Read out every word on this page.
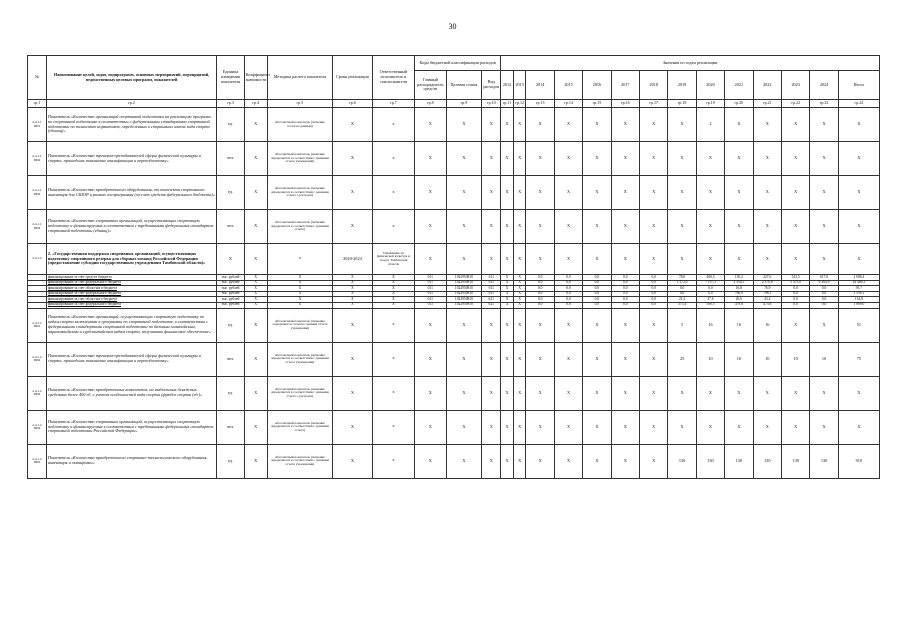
30
№	Наименование целей, задач, подпрограмм, основных мероприятий, мероприятий, ведомственных целевых программ, показателей	Единица измерения показателя	Коэффициент значимости	Методика расчета показателя	Сроки реализации	Ответственный исполнитель и соисполнители	Коды бюджетной классификации расходов			Значения по годам реализации													
							Главный распорядитель средств	Целевая статья	Вид расходов	2012	2013	2014	2015	2016	2017	2018	2019	2020	2021	2022	2023	2024	Итого
гр.1	гр.2	гр.3	гр.4	гр.5	гр.6	гр.7	гр.8	гр.9	гр.10	гр.11	гр.12	гр.13	гр.14	гр.15	гр.16	гр.17	гр.18	гр.19	гр.20	гр.21	гр.22	гр.23	гр.24
2.4.1.1 ПИ1	Показатель «Количество организаций спортивной подготовки на реализацию программ по спортивной подготовке в соответствии с федеральными стандартами спортивной подготовки по полностью нормативов, определенных в спортивных актах вида спорта (единиц)»	ед.	X	Абсолютный показатель (значение согласно данным)	X	X	X	X	X	X	X	X	X	X	X	X	X	2	X	X	X	X	X
2.4.1.1 ПИ2	Показатель «Количество тренеров-преподавателей сферы физической культуры и спорта, прошедших повышение квалификации и переподготовку»	чел.	X	Абсолютный показатель (значение определяется в соответствии с данными отчета учреждения)	X	X	X	X	X	X	X	X	X	X	X	X	X	X	X	X	X	X	X
2.4.1.1 ПИ3	Показатель «Количество приобретенного оборудования, от комплекта спортивного инвентаря для СШОР в рамках госпрограммы (за счет средств федерального бюджета)»	ед.	X	Абсолютный показатель (значение определяется в соответствии с данными отчета о расходах)	X	X	X	X	X	X	X	X	X	X	X	X	X	X	X	X	X	X	X
2.4.1.1 ПИ4	Показатель «Количество спортивных организаций, осуществляющих спортивную подготовку и финансируемых в соответствии с требованиями федеральных стандартов спортивной подготовки (единиц)»	чел.	X	Абсолютный показатель (значение определяется в соответствии с данными отчета)	X	X	X	X	X	X	X	X	X	X	X	X	X	X	X	X	X	X	X
2.4.1.2	2. «Государственная поддержка спортивных организаций, осуществляющих подготовку спортивного резерва для сборных команд Российской Федерации (предоставление субсидии государственным учреждениям Тамбовской области)»	X	X	X	2020-2024	Управление по физической культуре и спорту Тамбовской области	X	X	X	X	X	X	X	X	X	X	X	X	X	X	X	X	X
	финансирование за счет средств бюджета	тыс. рублей	X	X	X	X	011	1022950810	611	X	X	0,0	0,0	0,0	0,0	0,0	78,0	400,5	150,2	227,6	523,5	617,8	2 088,4
	финансирование за счет федерального бюджета	тыс. рублей	X	X	X	X	011	1022950810	611	X	X	0,0	0,0	0,0	0,0	0,0	1 272,0	7 197,3	2 354,5	2 370,8	5 375,0	6 264,9	24 466,3
	финансирование за счет областного бюджета	тыс. рублей	X	X	X	X	011	1022950810	611	X	X	0,0	0,0	0,0	0,0	0,0	0,0	0,0	16,8	76,9	0,0	0,0	93,7
	финансирование за счет федерального бюджета	тыс. рублей	X	X	X	X	011	1022950810	611	X	X	0,0	0,0	0,0	0,0	0,0	0,0	0,0	760,0	798,1	0,0	0,0	1 558,1
	финансирование за счет областного бюджета	тыс. рублей	X	X	X	X	011	1022950810	621	X	X	0,0	0,0	0,0	0,0	0,0	21,4	37,6	20,6	43,2	0,0	0,0	134,8
	финансирование за счет федерального бюджета	тыс. рублей	X	X	X	X	011	1022950810	621	X	X	0,0	0,0	0,0	0,0	0,0	375,4	580,5	479,6	473,6	0,0	0,0	1 889,0
2.4.1.2 ПИ1	Показатель «Количество организаций, осуществляющих спортивную подготовку по видам спорта включенным в программы по спортивной подготовке, в соответствии с федеральными стандартами спортивной подготовки по базовым олимпийским, паралимпийским и сурдлимпийским видам спорта, получивших финансовое обеспечение»	ед.	X	Абсолютный показатель (значение определяется согласно данным отчета учреждения)	X	X	X	X	X	X	X	X	X	X	X	X	5	16	16	16	X	X	51
2.4.1.2 ПИ2	Показатель «Количество тренеров-преподавателей сферы физической культуры и спорта, прошедших повышение квалификации и переподготовку»	чел.	X	Абсолютный показатель (значение определяется в соответствии с данными отчета учреждения)	X	X	X	X	X	X	X	X	X	X	X	X	25	10	10	10	10	10	75
2.4.1.2 ПИ3	Показатель «Количество приобретенных комплектов, на выделенных денежных средствах более 400 ед. с учетом особенностей вида спорта (футбол спорта (ед.)»	ед.	X	Абсолютный показатель (значение определяется в соответствии с данными отчета о расходах)	X	X	X	X	X	X	X	X	X	X	X	X	X	X	X	X	X	X	X
2.4.1.2 ПИ4	Показатель «Количество спортивных организаций, осуществляющих спортивную подготовку и финансируемых в соответствии с требованиями федеральных стандартов спортивной подготовки Российской Федерации»	чел.	X	Абсолютный показатель (значение определяется в соответствии с данными отчета)	X	X	X	X	X	X	X	X	X	X	X	X	X	X	X	X	X	X	X
2.4.1.2 ПИ5	Показатель «Количество приобретенного спортивно-технологического оборудования, инвентаря и экипировки»	ед.	X	Абсолютный показатель (значение определяется в соответствии с данными отчета учреждения)	X	X	X	X	X	X	X	X	X	X	X	X	130	130	130	130	130	130	910
